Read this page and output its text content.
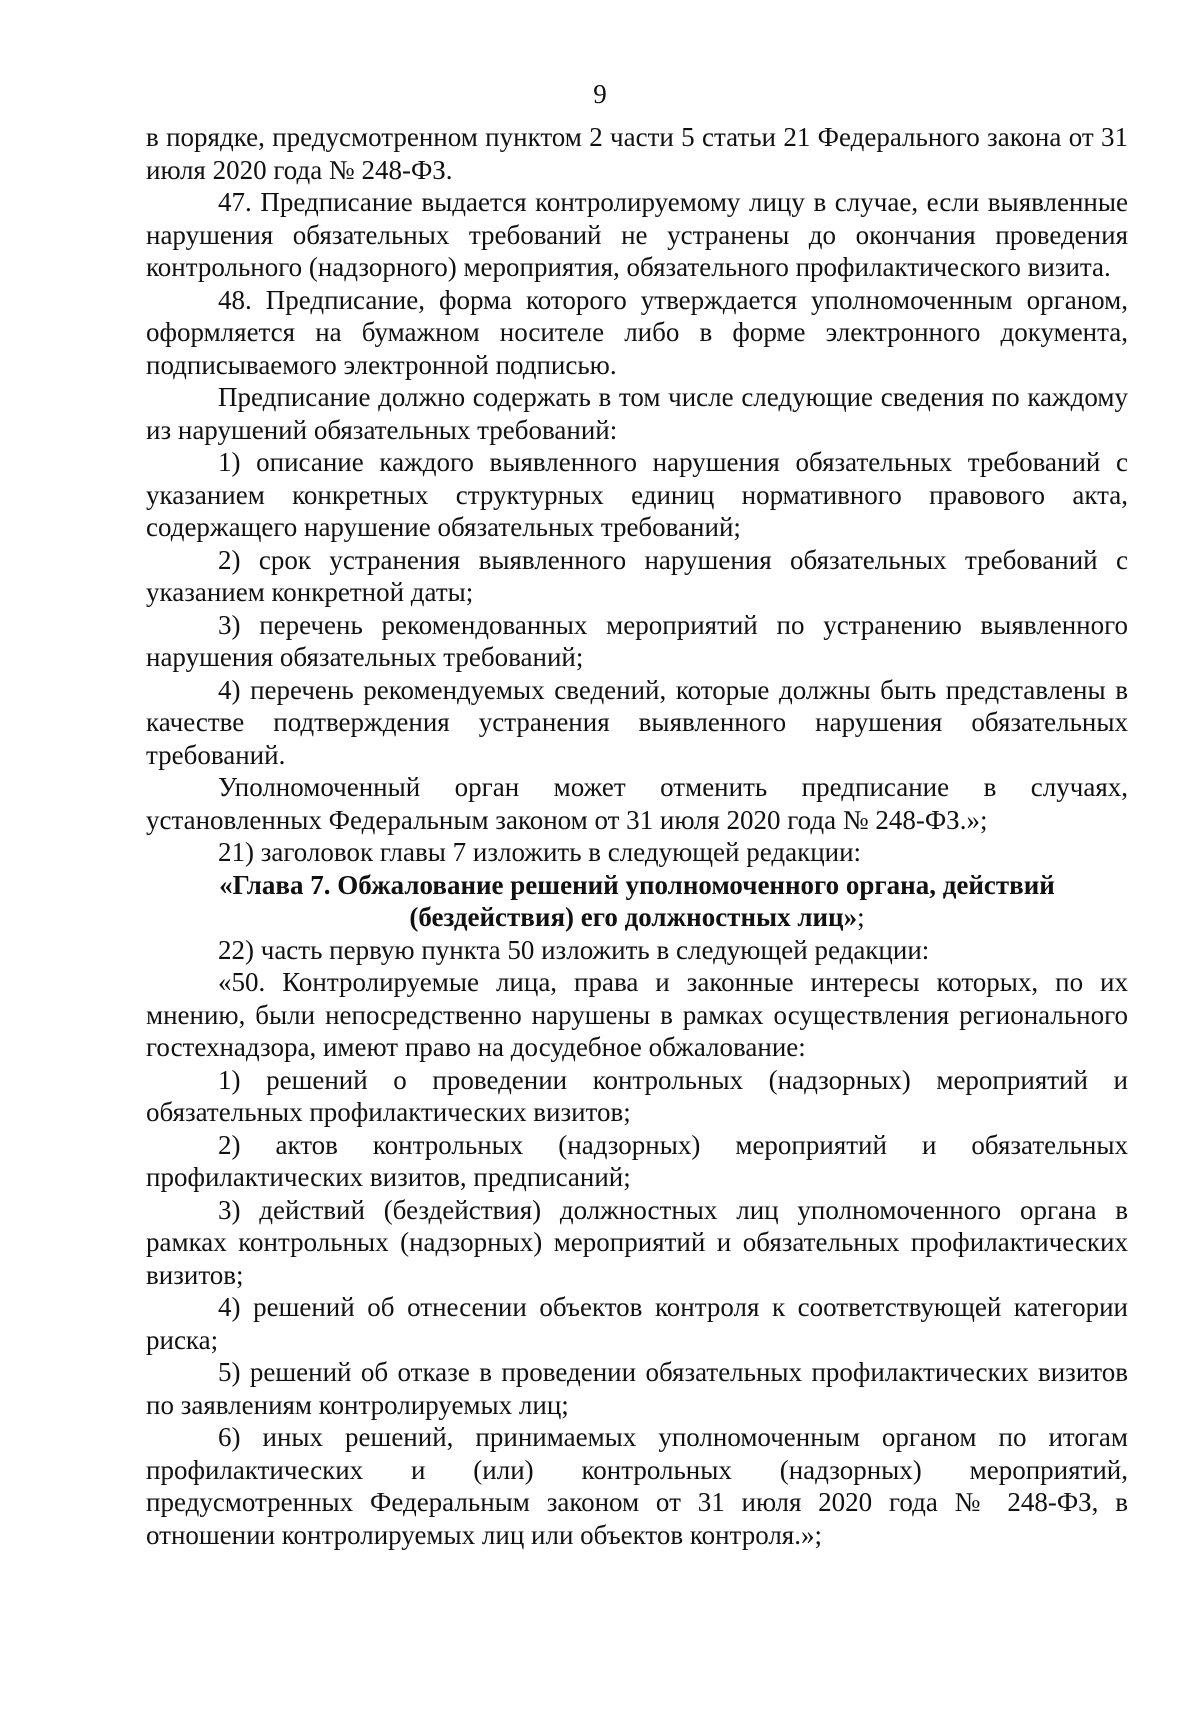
9

в порядке, предусмотренном пунктом 2 части 5 статьи 21 Федерального закона от 31 июля 2020 года № 248-ФЗ.

47. Предписание выдается контролируемому лицу в случае, если выявленные нарушения обязательных требований не устранены до окончания проведения контрольного (надзорного) мероприятия, обязательного профилактического визита.

48. Предписание, форма которого утверждается уполномоченным органом, оформляется на бумажном носителе либо в форме электронного документа, подписываемого электронной подписью.

Предписание должно содержать в том числе следующие сведения по каждому из нарушений обязательных требований:

1) описание каждого выявленного нарушения обязательных требований с указанием конкретных структурных единиц нормативного правового акта, содержащего нарушение обязательных требований;

2) срок устранения выявленного нарушения обязательных требований с указанием конкретной даты;

3) перечень рекомендованных мероприятий по устранению выявленного нарушения обязательных требований;

4) перечень рекомендуемых сведений, которые должны быть представлены в качестве подтверждения устранения выявленного нарушения обязательных требований.

Уполномоченный орган может отменить предписание в случаях, установленных Федеральным законом от 31 июля 2020 года № 248-ФЗ.»;

21) заголовок главы 7 изложить в следующей редакции:

«Глава 7. Обжалование решений уполномоченного органа, действий
(бездействия) его должностных лиц»;

22) часть первую пункта 50 изложить в следующей редакции:

«50. Контролируемые лица, права и законные интересы которых, по их мнению, были непосредственно нарушены в рамках осуществления регионального гостехнадзора, имеют право на досудебное обжалование:

1) решений о проведении контрольных (надзорных) мероприятий и обязательных профилактических визитов;

2) актов контрольных (надзорных) мероприятий и обязательных профилактических визитов, предписаний;

3) действий (бездействия) должностных лиц уполномоченного органа в рамках контрольных (надзорных) мероприятий и обязательных профилактических визитов;

4) решений об отнесении объектов контроля к соответствующей категории риска;

5) решений об отказе в проведении обязательных профилактических визитов по заявлениям контролируемых лиц;

6) иных решений, принимаемых уполномоченным органом по итогам профилактических и (или) контрольных (надзорных) мероприятий, предусмотренных Федеральным законом от 31 июля 2020 года № 248-ФЗ, в отношении контролируемых лиц или объектов контроля.»;
